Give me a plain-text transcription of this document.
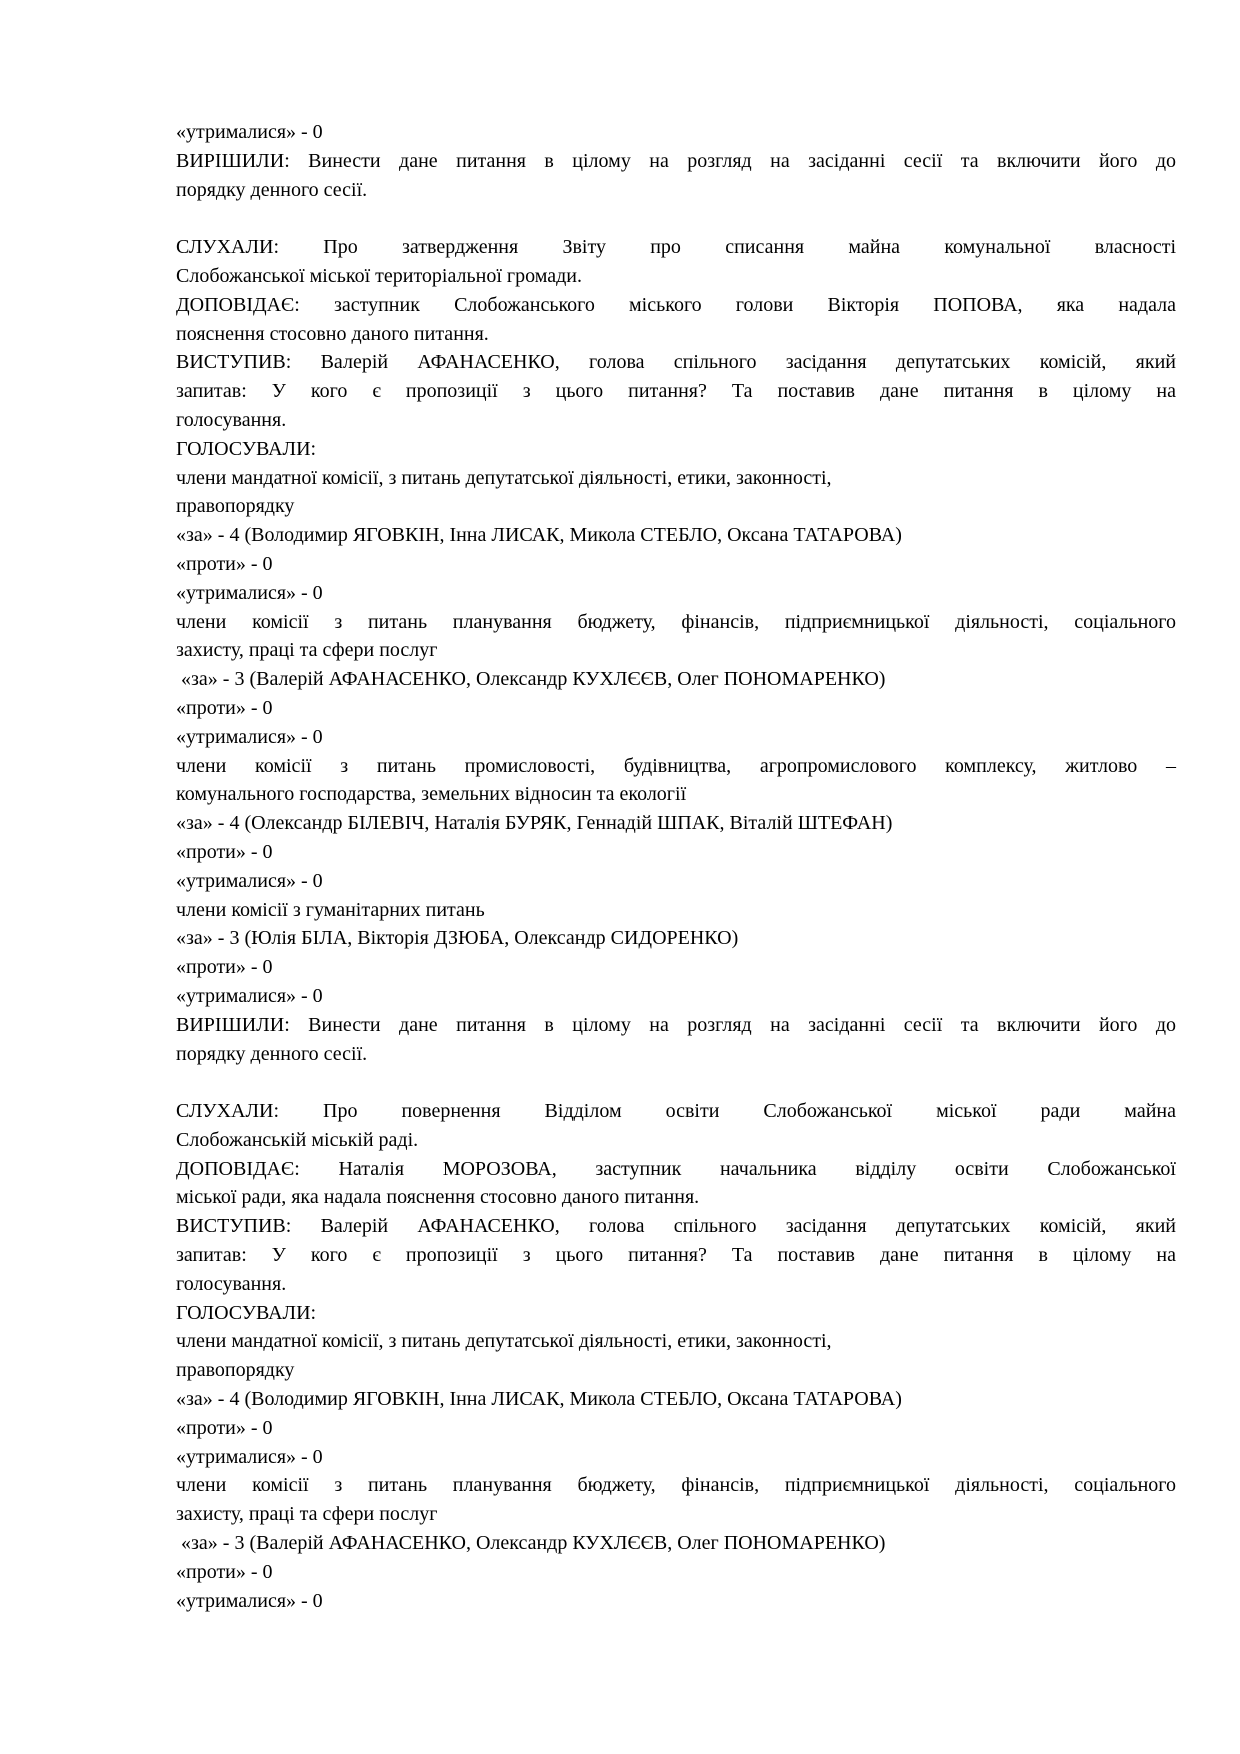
«утрималися» - 0

ВИРІШИЛИ: Винести дане питання в цілому на розгляд на засіданні сесії та включити його до

порядку денного сесії.

СЛУХАЛИ: Про затвердження Звіту про списання майна комунальної власності

Слобожанської міської територіальної громади.

ДОПОВІДАЄ: заступник Слобожанського міського голови Вікторія ПОПОВА, яка надала

пояснення стосовно даного питання.

ВИСТУПИВ: Валерій АФАНАСЕНКО, голова спільного засідання депутатських комісій, який

запитав: У кого є пропозиції з цього питання? Та поставив дане питання в цілому на

голосування.

ГОЛОСУВАЛИ:

члени мандатної комісії, з питань депутатської діяльності, етики, законності,

правопорядку

«за» - 4 (Володимир ЯГОВКІН, Інна ЛИСАК, Микола СТЕБЛО, Оксана ТАТАРОВА)

«проти» - 0

«утрималися» - 0

члени комісії з питань планування бюджету, фінансів, підприємницької діяльності, соціального

захисту, праці та сфери послуг

«за» - 3 (Валерій АФАНАСЕНКО, Олександр КУХЛЄЄВ, Олег ПОНОМАРЕНКО)

«проти» - 0

«утрималися» - 0

члени комісії з питань промисловості, будівництва, агропромислового комплексу, житлово –

комунального господарства, земельних відносин та екології

«за» - 4 (Олександр БІЛЕВІЧ, Наталія БУРЯК, Геннадій ШПАК, Віталій ШТЕФАН)

«проти» - 0

«утрималися» - 0

члени комісії з гуманітарних питань

«за» - 3 (Юлія БІЛА, Вікторія ДЗЮБА, Олександр СИДОРЕНКО)

«проти» - 0

«утрималися» - 0

ВИРІШИЛИ: Винести дане питання в цілому на розгляд на засіданні сесії та включити його до

порядку денного сесії.

СЛУХАЛИ: Про повернення Відділом освіти Слобожанської міської ради майна

Слобожанській міській раді.

ДОПОВІДАЄ: Наталія МОРОЗОВА, заступник начальника відділу освіти Слобожанської

міської ради, яка надала пояснення стосовно даного питання.

ВИСТУПИВ: Валерій АФАНАСЕНКО, голова спільного засідання депутатських комісій, який

запитав: У кого є пропозиції з цього питання? Та поставив дане питання в цілому на

голосування.

ГОЛОСУВАЛИ:

члени мандатної комісії, з питань депутатської діяльності, етики, законності,

правопорядку

«за» - 4 (Володимир ЯГОВКІН, Інна ЛИСАК, Микола СТЕБЛО, Оксана ТАТАРОВА)

«проти» - 0

«утрималися» - 0

члени комісії з питань планування бюджету, фінансів, підприємницької діяльності, соціального

захисту, праці та сфери послуг

«за» - 3 (Валерій АФАНАСЕНКО, Олександр КУХЛЄЄВ, Олег ПОНОМАРЕНКО)

«проти» - 0

«утрималися» - 0
